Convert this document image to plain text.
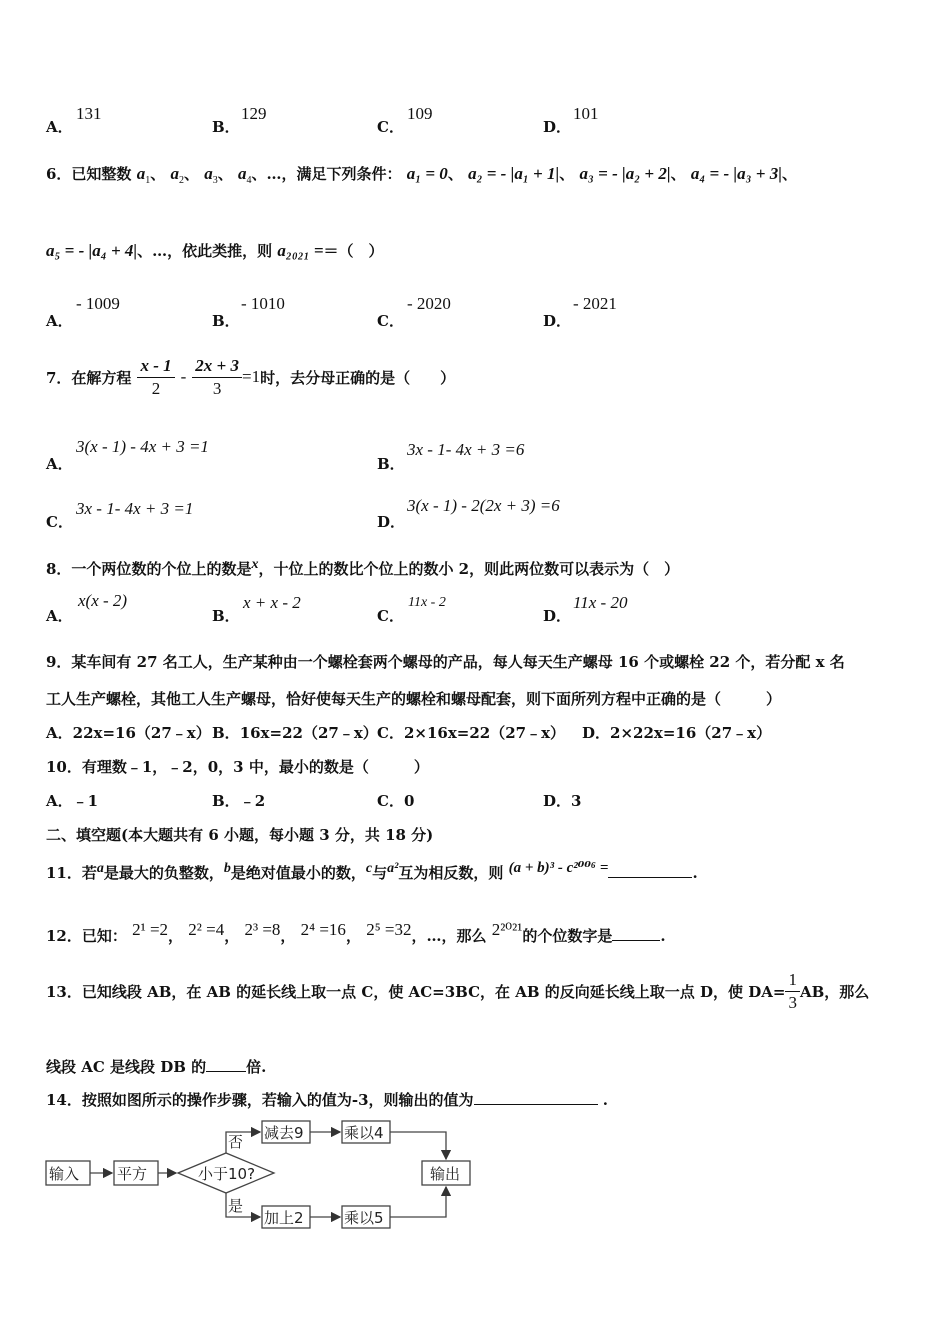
A．
131
B．
129
C．
109
D．
101
6．已知整数 $a_1$、 $a_2$、 $a_3$、 $a_4$、…，满足下列条件： a₁ = 0、 a₂ = - |a₁ + 1|、 a₃ = - |a₂ + 2|、 a₄ = - |a₃ + 3|、
a₅ = - |a₄ + 4|、…，依此类推，则 a₂₀₂₁ =＝（　）
A．
- 1009
B．
- 1010
C．
- 2020
D．
- 2021
7．在解方程 $\frac{x - 1}{2} - \frac{2x + 3}{3} =1$ 时，去分母正确的是（　　）
A．
3(x - 1) - 4x + 3 =1
B．
3x - 1- 4x + 3 =6
C．
3x - 1- 4x + 3 =1
D．
3(x - 1) - 2(2x + 3) =6
8．一个两位数的个位上的数是$^x$，十位上的数比个位上的数小 2，则此两位数可以表示为（　）
A．
x(x - 2)
B．
x + x - 2
C．
11x - 2
D．
11x - 20
9．某车间有 27 名工人，生产某种由一个螺栓套两个螺母的产品，每人每天生产螺母 16 个或螺栓 22 个，若分配 x 名
工人生产螺栓，其他工人生产螺母，恰好使每天生产的螺栓和螺母配套，则下面所列方程中正确的是（　　　）
A．22x=16（27﹣x） B．16x=22（27﹣x） C．2×16x=22（27﹣x） D．2×22x=16（27﹣x）
10．有理数﹣1，﹣2，0，3 中，最小的数是（　　　）
A．﹣1	B．﹣2	C．0	D．3
二、填空题(本大题共有 6 小题，每小题 3 分，共 18 分)
11．若$^a$是最大的负整数，$^b$是绝对值最小的数，$^c$与$^{a^2}$互为相反数，则 $^{(a + b)^3 - c^{2006} =}$	.
12．已知： $^{2^1 =2}$， $^{2^2 =4}$， $^{2^3 =8}$， $^{2^4 =16}$， $^{2^5 =32}$，…，那么 $^{2^{2021}}$的个位数字是	.
13．已知线段 AB，在 AB 的延长线上取一点 C，使 AC=3BC，在 AB 的反向延长线上取一点 D，使 $DA= \frac{1}{3}$ AB，那么
线段 AC 是线段 DB 的	倍.
14．按照如图所示的操作步骤，若输入的值为-3，则输出的值为	.
输入	平方	小于10?
否
是
减去9	乘以4
加上2	乘以5
输出
